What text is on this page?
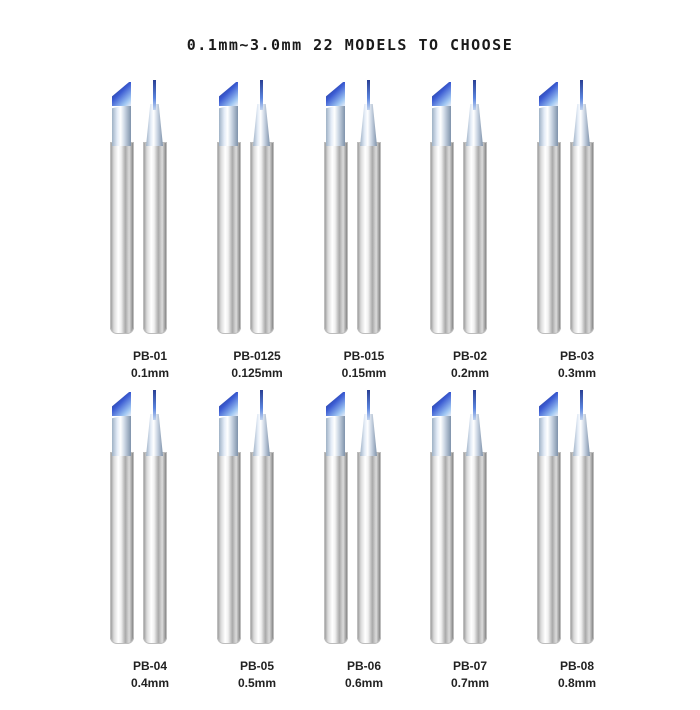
0.1mm~3.0mm 22 MODELS TO CHOOSE
PB-01
0.1mm
PB-0125
0.125mm
PB-015
0.15mm
PB-02
0.2mm
PB-03
0.3mm
PB-04
0.4mm
PB-05
0.5mm
PB-06
0.6mm
PB-07
0.7mm
PB-08
0.8mm
